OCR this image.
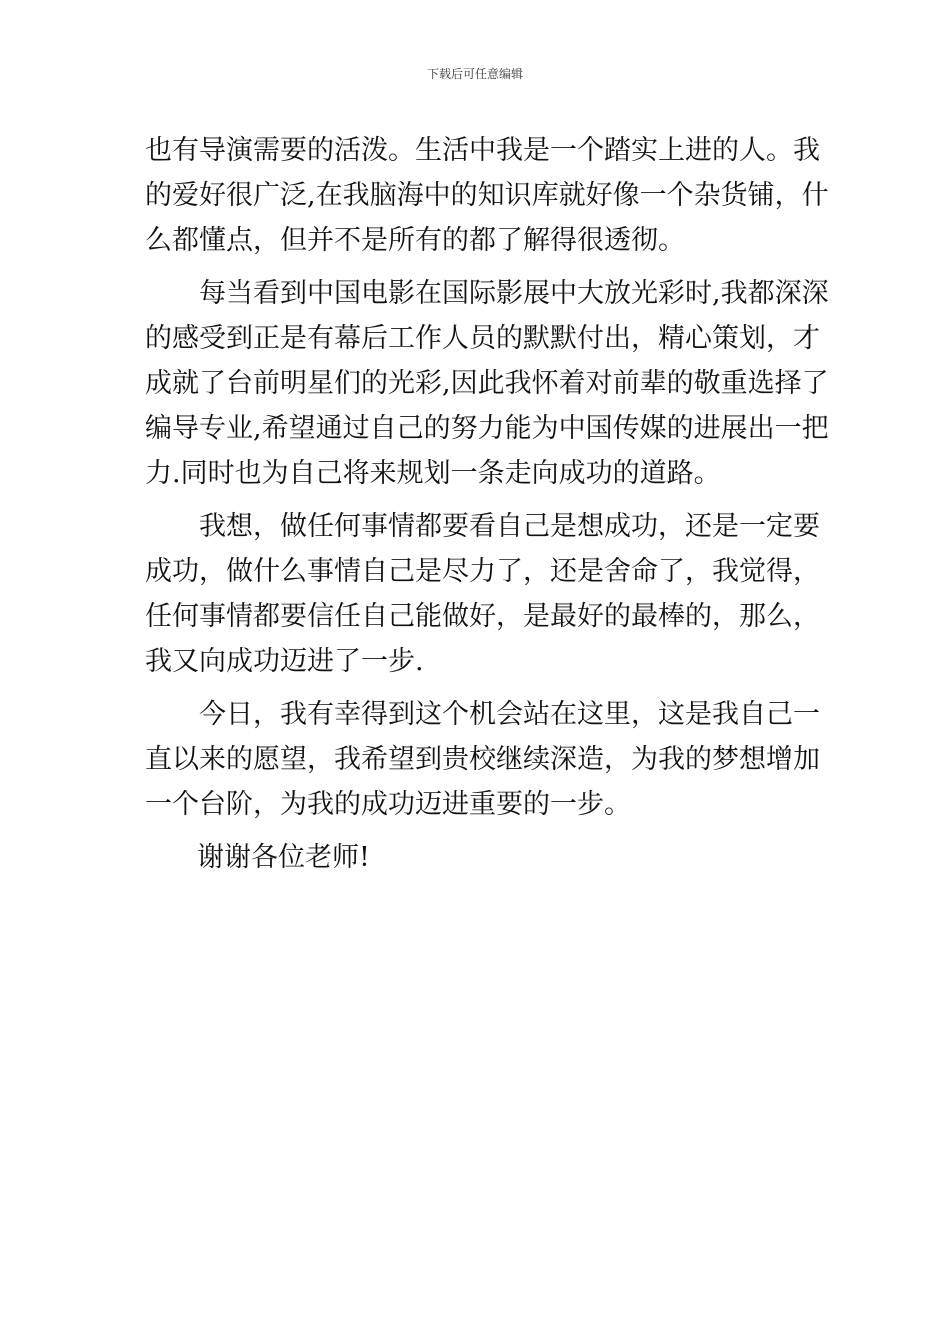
下载后可任意编辑
也有导演需要的活泼。生活中我是一个踏实上进的人。我
的爱好很广泛,在我脑海中的知识库就好像一个杂货铺，什
么都懂点，但并不是所有的都了解得很透彻。
每当看到中国电影在国际影展中大放光彩时,我都深深
的感受到正是有幕后工作人员的默默付出，精心策划，才
成就了台前明星们的光彩,因此我怀着对前辈的敬重选择了
编导专业,希望通过自己的努力能为中国传媒的进展出一把
力.同时也为自己将来规划一条走向成功的道路。
我想，做任何事情都要看自己是想成功，还是一定要
成功，做什么事情自己是尽力了，还是舍命了，我觉得，
任何事情都要信任自己能做好，是最好的最棒的，那么，
我又向成功迈进了一步.
今日，我有幸得到这个机会站在这里，这是我自己一
直以来的愿望，我希望到贵校继续深造，为我的梦想增加
一个台阶，为我的成功迈进重要的一步。
谢谢各位老师!
